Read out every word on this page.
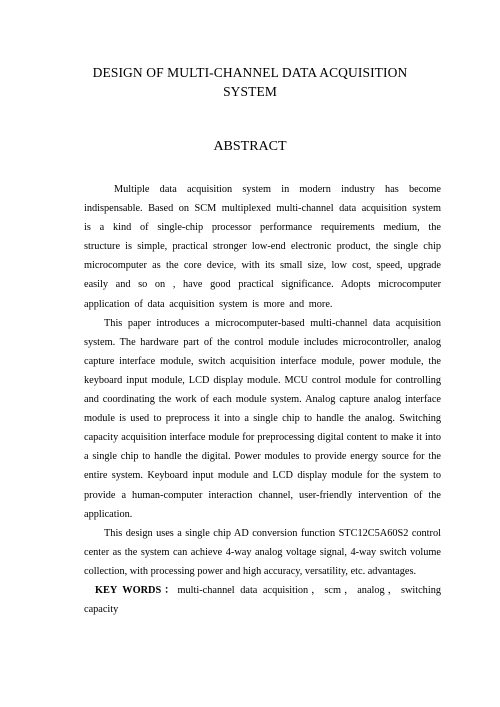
DESIGN OF MULTI-CHANNEL DATA ACQUISITION
SYSTEM
ABSTRACT

Multiple data acquisition system in modern industry has become indispensable. Based on SCM multiplexed multi-channel data acquisition system is a kind of single-chip processor performance requirements medium, the structure is simple, practical stronger low-end electronic product, the single chip microcomputer as the core device, with its small size, low cost, speed, upgrade easily and so on , have good practical significance. Adopts microcomputer application of data acquisition system is more and more.

This paper introduces a microcomputer-based multi-channel data acquisition system. The hardware part of the control module includes microcontroller, analog capture interface module, switch acquisition interface module, power module, the keyboard input module, LCD display module. MCU control module for controlling and coordinating the work of each module system. Analog capture analog interface module is used to preprocess it into a single chip to handle the analog. Switching capacity acquisition interface module for preprocessing digital content to make it into a single chip to handle the digital. Power modules to provide energy source for the entire system. Keyboard input module and LCD display module for the system to provide a human-computer interaction channel, user-friendly intervention of the application.

This design uses a single chip AD conversion function STC12C5A60S2 control center as the system can achieve 4-way analog voltage signal, 4-way switch volume collection, with processing power and high accuracy, versatility, etc. advantages.

KEY WORDS：multi-channel data acquisition，scm，analog，switching capacity
